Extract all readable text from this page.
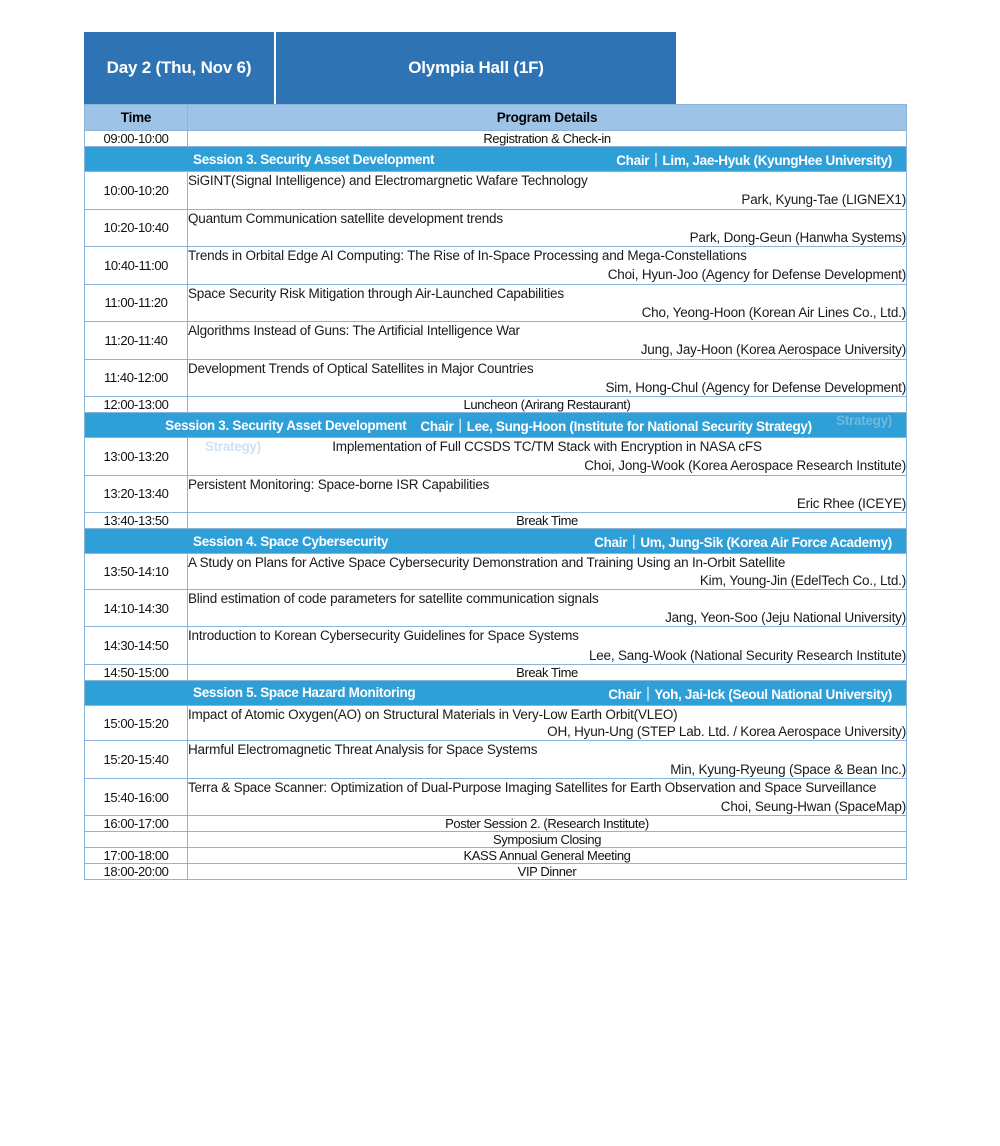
Day 2 (Thu, Nov 6)	Olympia Hall (1F)
Time	Program Details
09:00-10:00	Registration & Check-in

Session 3. Security Asset Development Chair｜Lim, Jae-Hyuk (KyungHee University)	

10:00-10:20	SiGINT(Signal Intelligence) and Electromargnetic Wafare Technology
Park, Kyung-Tae (LIGNEX1)

10:20-10:40	Quantum Communication satellite development trends
Park, Dong-Geun (Hanwha Systems)

10:40-11:00	Trends in Orbital Edge AI Computing: The Rise of In-Space Processing and Mega-Constellations
Choi, Hyun-Joo (Agency for Defense Development)

11:00-11:20	Space Security Risk Mitigation through Air-Launched Capabilities
Cho, Yeong-Hoon (Korean Air Lines Co., Ltd.)

11:20-11:40	Algorithms Instead of Guns: The Artificial Intelligence War
Jung, Jay-Hoon (Korea Aerospace University)

11:40-12:00	Development Trends of Optical Satellites in Major Countries
Sim, Hong-Chul (Agency for Defense Development)

12:00-13:00	Luncheon (Arirang Restaurant)

Session 3. Security Asset Development Chair｜Lee, Sung-Hoon (Institute for National Security Strategy)
Strategy)
Strategy)	

13:00-13:20	Implementation of Full CCSDS TC/TM Stack with Encryption in NASA cFS
Choi, Jong-Wook (Korea Aerospace Research Institute)

13:20-13:40	Persistent Monitoring: Space-borne ISR Capabilities
Eric Rhee (ICEYE)

13:40-13:50	Break Time

Session 4. Space Cybersecurity Chair｜Um, Jung-Sik (Korea Air Force Academy)	

13:50-14:10	A Study on Plans for Active Space Cybersecurity Demonstration and Training Using an In-Orbit Satellite
Kim, Young-Jin (EdelTech Co., Ltd.)

14:10-14:30	Blind estimation of code parameters for satellite communication signals
Jang, Yeon-Soo (Jeju National University)

14:30-14:50	Introduction to Korean Cybersecurity Guidelines for Space Systems
Lee, Sang-Wook (National Security Research Institute)

14:50-15:00	Break Time

Session 5. Space Hazard Monitoring Chair｜Yoh, Jai-Ick (Seoul National University)	

15:00-15:20	Impact of Atomic Oxygen(AO) on Structural Materials in Very-Low Earth Orbit(VLEO)
OH, Hyun-Ung (STEP Lab. Ltd. / Korea Aerospace University)

15:20-15:40	Harmful Electromagnetic Threat Analysis for Space Systems
Min, Kyung-Ryeung (Space & Bean Inc.)

15:40-16:00	Terra & Space Scanner: Optimization of Dual-Purpose Imaging Satellites for Earth Observation and Space Surveillance
Choi, Seung-Hwan (SpaceMap)

16:00-17:00	Poster Session 2. (Research Institute)
	Symposium Closing
17:00-18:00	KASS Annual General Meeting
18:00-20:00	VIP Dinner
